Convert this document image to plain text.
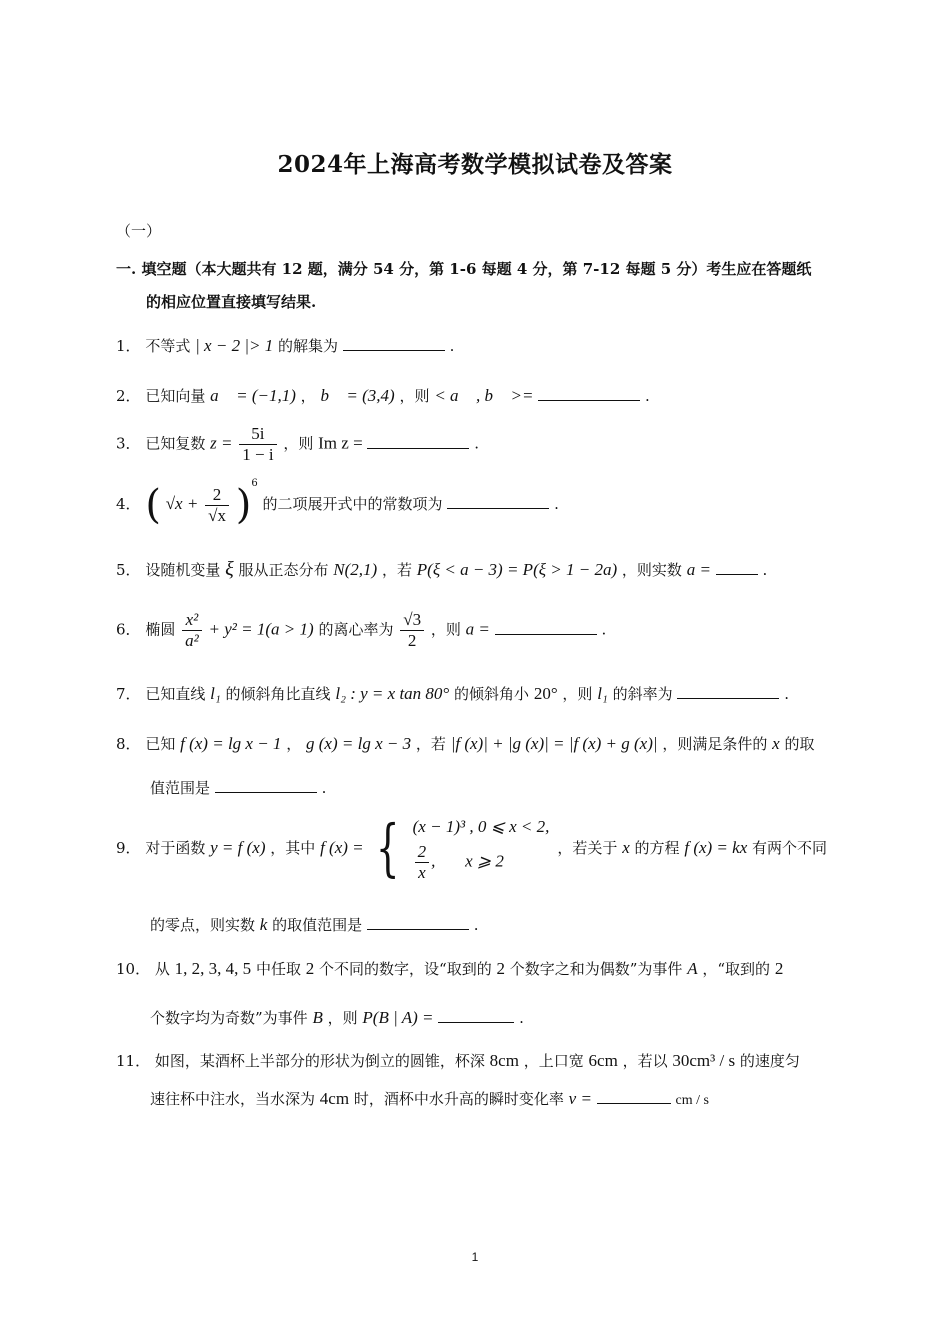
2024年上海高考数学模拟试卷及答案
（一）
一. 填空题（本大题共有 12 题，满分 54 分，第 1-6 每题 4 分，第 7-12 每题 5 分）考生应在答题纸
的相应位置直接填写结果.
1． 不等式 | x − 2 |> 1 的解集为	.
2． 已知向量 a⃗ = (−1,1) ， b⃗ = (3,4) ，则 < a⃗ , b⃗ >=	.
3． 已知复数 $z = \frac{5i}{1 - i}$ ，则 Im z =	.
4． ( $√x + \frac{2}{√x} )^6$ 的二项展开式中的常数项为	.
5． 设随机变量 ξ 服从正态分布 N(2,1) ，若 P(ξ < a − 3) = P(ξ > 1 − 2a) ，则实数 a =	.
6． 椭圆 $\frac{\text{x²}}{\text{a²}} + y^2 = 1(a > 1)$ 的离心率为 $\frac{√3}{2}$ ，则 a =	.
7． 已知直线 l₁ 的倾斜角比直线 l₂ : y = x tan 80° 的倾斜角小 20° ，则 l₁ 的斜率为	.
8． 已知 f (x) = lg x − 1 ， g (x) = lg x − 3 ，若 |f (x)| + |g (x)| = |f (x) + g (x)| ，则满足条件的 x 的取
值范围是	.
9． 对于函数 y = f (x) ，其中 f (x) = { (x − 1)³ , 0 ⩽ x < 2,
$\frac{2}{x}$ ,       x ⩾ 2
，若关于 x 的方程 f (x) = kx 有两个不同
的零点，则实数 k 的取值范围是	.
10． 从 1, 2, 3, 4, 5 中任取 2 个不同的数字，设“取到的 2 个数字之和为偶数”为事件 A ，“取到的 2
个数字均为奇数”为事件 B ，则 P(B | A) =	.
11． 如图，某酒杯上半部分的形状为倒立的圆锥，杯深 8cm ，上口宽 6cm ，若以 30cm³ / s 的速度匀
速往杯中注水，当水深为 4cm 时，酒杯中水升高的瞬时变化率 v =	cm / s
1
